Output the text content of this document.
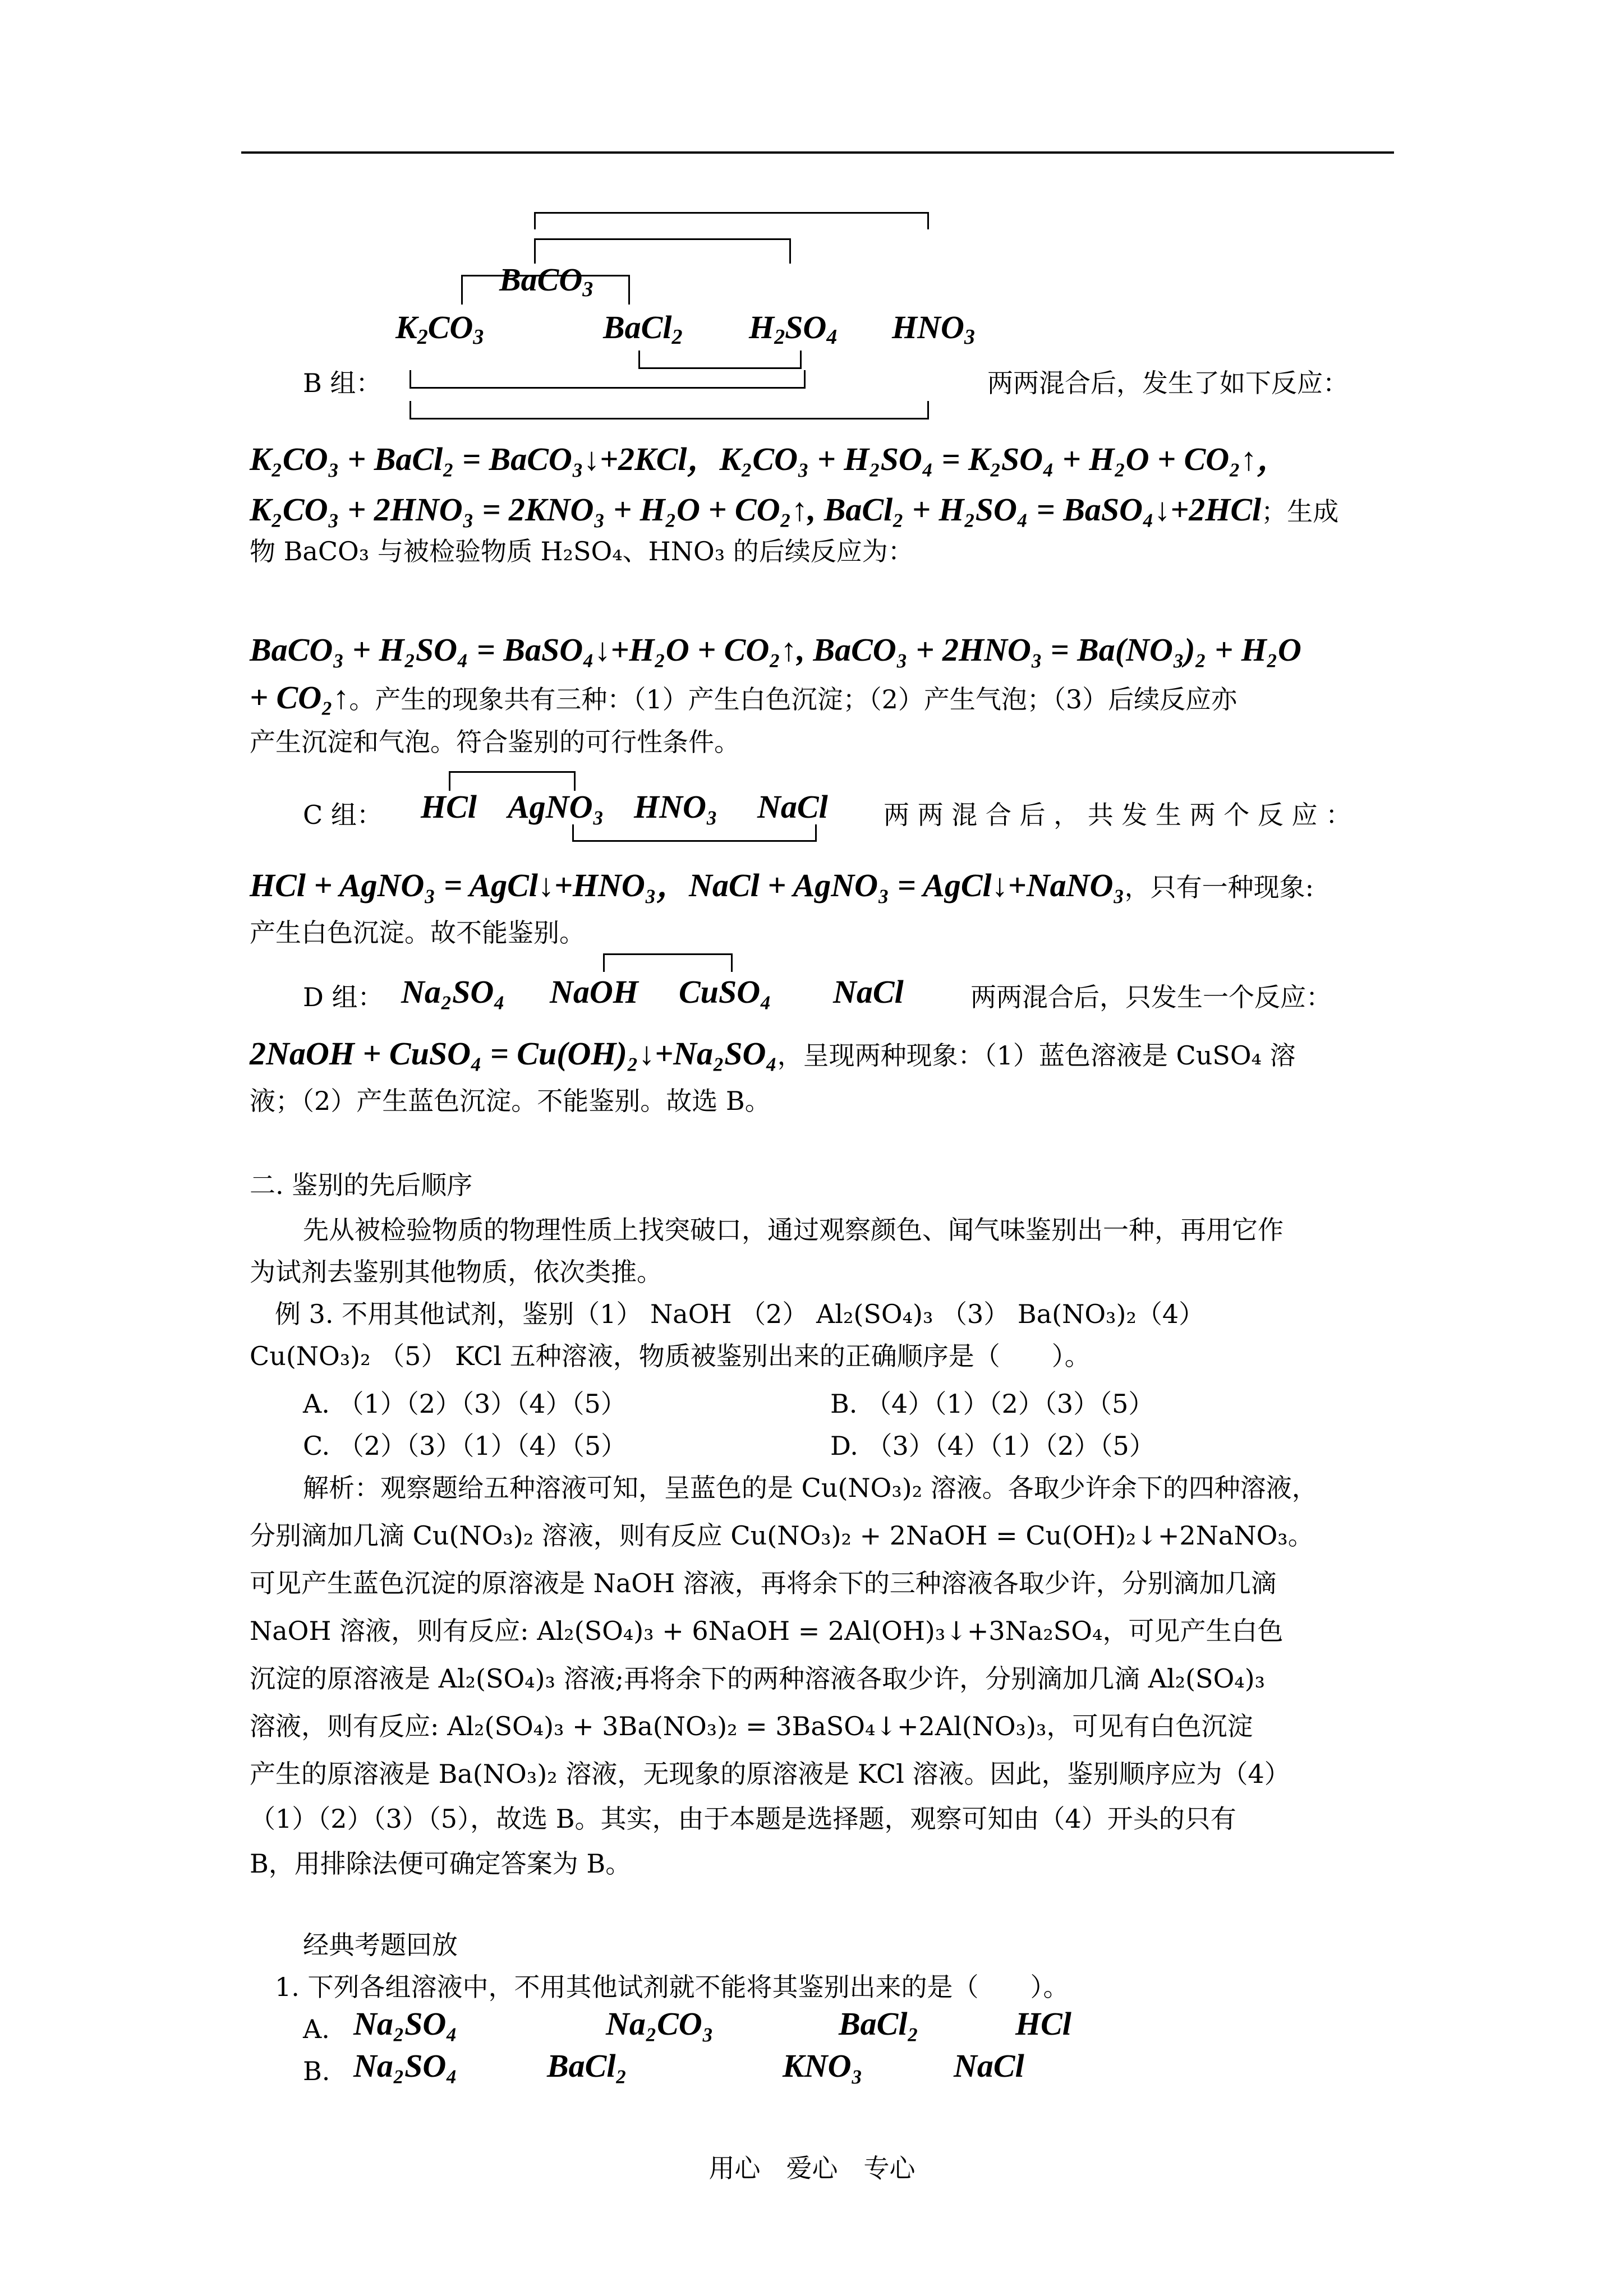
BaCO$_3$
$K_2CO_3$	BaCl$_2$ $H_2SO_4$ $HNO_3$
B 组：	两两混合后，发生了如下反应：
K₂CO₃ + BaCl₂ = BaCO₃↓+2KCl，K₂CO₃ + H₂SO₄ = K₂SO₄ + H₂O + CO₂↑，
K₂CO₃ + 2HNO₃ = 2KNO₃ + H₂O + CO₂↑, BaCl₂ + H₂SO₄ = BaSO₄↓+2HCl；生成
物 BaCO₃ 与被检验物质 H₂SO₄、HNO₃ 的后续反应为：
BaCO₃ + H₂SO₄ = BaSO₄↓+H₂O + CO₂↑, BaCO₃ + 2HNO₃ = Ba(NO₃)₂ + H₂O
+ CO₂↑。产生的现象共有三种：（1）产生白色沉淀；（2）产生气泡；（3）后续反应亦
产生沉淀和气泡。符合鉴别的可行性条件。
C 组： HCl AgNO₃ HNO₃ NaCl 两 两 混 合 后 ， 共 发 生 两 个 反 应 ：
HCl + AgNO₃ = AgCl↓+HNO₃，NaCl + AgNO₃ = AgCl↓+NaNO₃，只有一种现象:
产生白色沉淀。故不能鉴别。
D 组： Na₂SO₄ NaOH CuSO₄ NaCl	两两混合后，只发生一个反应：
2NaOH + CuSO₄ = Cu(OH)₂↓+Na₂SO₄，呈现两种现象：（1）蓝色溶液是 CuSO₄ 溶
液；（2）产生蓝色沉淀。不能鉴别。故选 B。
二. 鉴别的先后顺序
先从被检验物质的物理性质上找突破口，通过观察颜色、闻气味鉴别出一种，再用它作
为试剂去鉴别其他物质，依次类推。
例 3. 不用其他试剂，鉴别（1） NaOH （2） Al₂(SO₄)₃ （3） Ba(NO₃)₂（4）
Cu(NO₃)₂ （5） KCl 五种溶液，物质被鉴别出来的正确顺序是（　　）。
A. （1）（2）（3）（4）（5）	B. （4）（1）（2）（3）（5）
C. （2）（3）（1）（4）（5）	D. （3）（4）（1）（2）（5）
解析：观察题给五种溶液可知，呈蓝色的是 Cu(NO₃)₂ 溶液。各取少许余下的四种溶液，
分别滴加几滴 Cu(NO₃)₂ 溶液，则有反应 Cu(NO₃)₂ + 2NaOH = Cu(OH)₂↓+2NaNO₃。
可见产生蓝色沉淀的原溶液是 NaOH 溶液，再将余下的三种溶液各取少许，分别滴加几滴
NaOH 溶液，则有反应: Al₂(SO₄)₃ + 6NaOH = 2Al(OH)₃↓+3Na₂SO₄，可见产生白色
沉淀的原溶液是 Al₂(SO₄)₃ 溶液;再将余下的两种溶液各取少许，分别滴加几滴 Al₂(SO₄)₃
溶液，则有反应: Al₂(SO₄)₃ + 3Ba(NO₃)₂ = 3BaSO₄↓+2Al(NO₃)₃，可见有白色沉淀
产生的原溶液是 Ba(NO₃)₂ 溶液，无现象的原溶液是 KCl 溶液。因此，鉴别顺序应为（4）
（1）（2）（3）（5），故选 B。其实，由于本题是选择题，观察可知由（4）开头的只有
B，用排除法便可确定答案为 B。
经典考题回放
1. 下列各组溶液中，不用其他试剂就不能将其鉴别出来的是（　　）。
A. Na₂SO₄	Na₂CO₃	BaCl₂	HCl
B. Na₂SO₄	BaCl₂	KNO₃	NaCl
用心　爱心　专心
